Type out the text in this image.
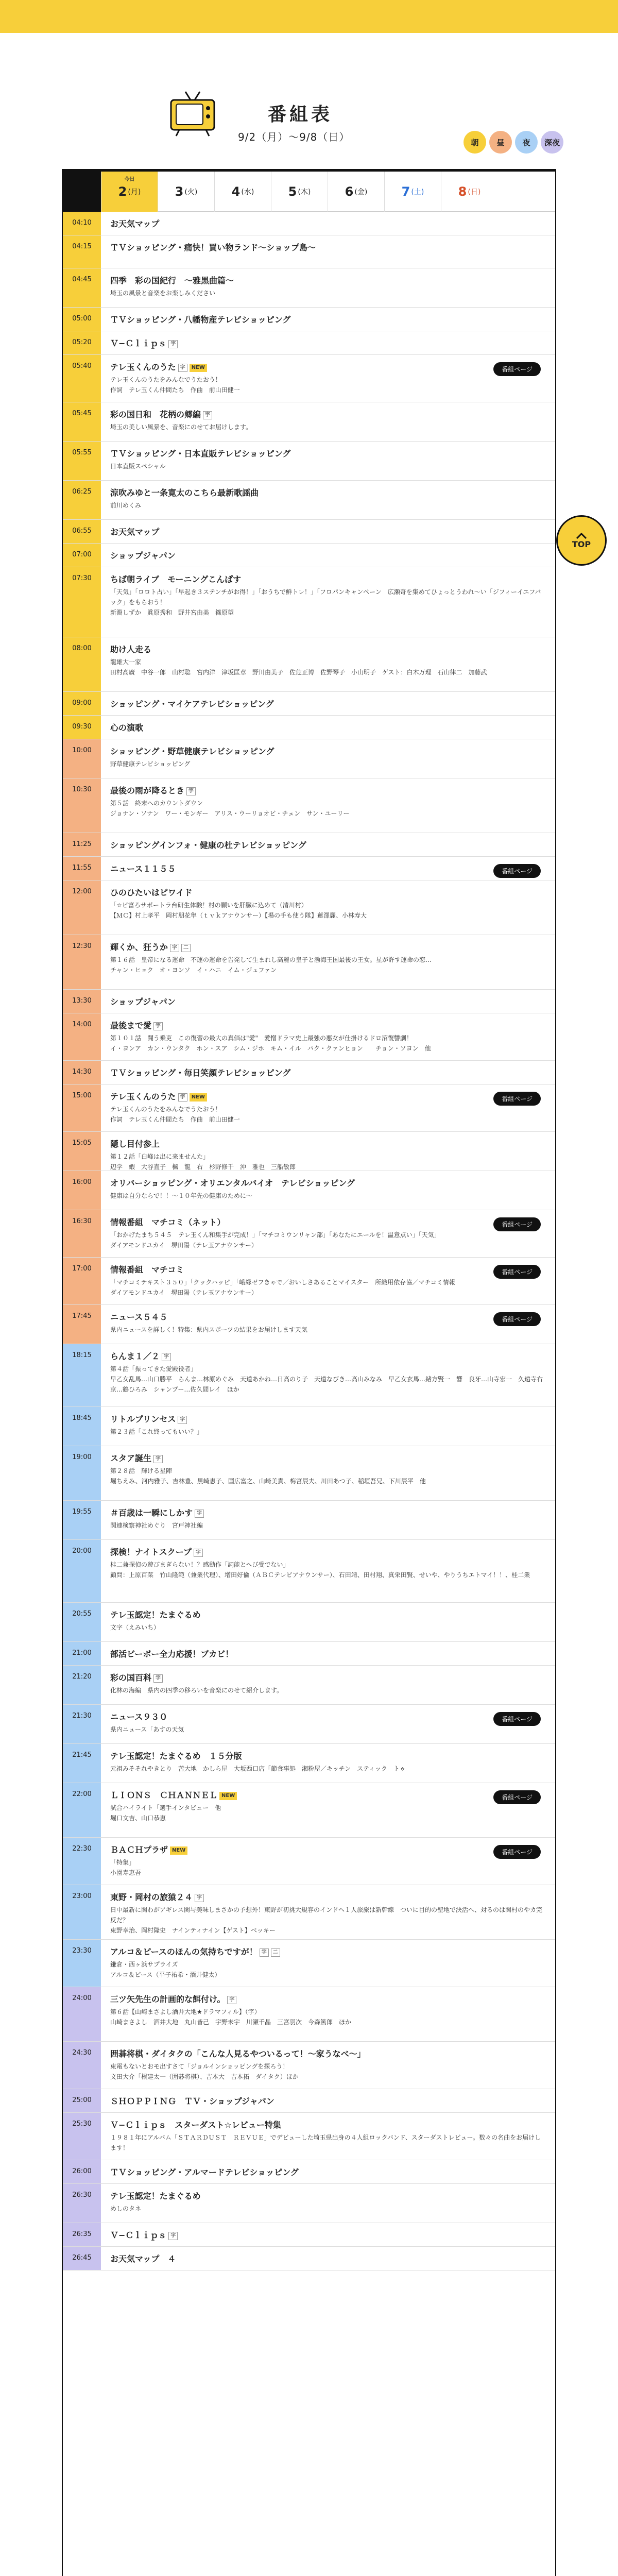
番組表
9/2（月）〜9/8（日）	朝	昼	夜	深夜
今日
2 (月)	3 (火)	4 (水)	5 (木)	6 (金)	7 (土)	8 (日)
04:10	お天気マップ
04:15	ＴＶショッピング・痛快！買い物ランド〜ショップ島〜
04:45	四季　彩の国紀行　〜雅黒曲篇〜
埼玉の風景と音楽をお楽しみください
05:00	ＴＶショッピング・八幡物産テレビショッピング
05:20	Ｖ−Ｃｌｉｐｓ 字
05:40	テレ玉くんのうた 字 NEW
テレ玉くんのうたをみんなでうたおう！
作詞　テレ玉くん仲間たち　作曲　前山田健一
番組ページ
05:45	彩の国日和　花柄の郷編 字
埼玉の美しい風景を、音楽にのせてお届けします。
05:55	ＴＶショッピング・日本直販テレビショッピング
日本直販スペシャル
06:25	涼吹みゆと一条寛太のこちら最新歌謡曲
前川めくみ
06:55	お天気マップ
07:00	ショップジャパン
07:30	ちば朝ライブ　モーニングこんぱす
「天気」「ロロト占い」「早起き３ステンチがお得！」「おうちで鮮トレ！」「フロパンキャンペーン　広瀬奇を集めてひょっとうわれ〜い「ジフィーイエフバック」をもらおう！
新淵しずか　眞原秀和　野井宮由美　篠原望
08:00	助け人走る
龍雄大一家
田村高廣　中谷一郎　山村聡　宮内洋　津坂匡章　野川由美子　佐危正博　佐野琴子　小山明子　ゲスト：白木万理　石山律二　加藤武
09:00	ショッピング・マイケアテレビショッピング
09:30	心の演歌
10:00	ショッピング・野草健康テレビショッピング
野草健康テレビショッピング
10:30	最後の雨が降るとき 字
第５話　終末へのカウントダウン
ジョナン・ソナン　ワー・モンギー　アリス・ウーリョオビ・チェン　サン・ユーリー
11:25	ショッピングインフォ・健康の杜テレビショッピング
11:55	ニュース１１５５	番組ページ
12:00	ひのひたいはピワイド
「☆ビ富ろサポートラ台研生体験！村の願いを肝臓に込めて（清川村）
【ＭＣ】村上孝平　岡村朋花隼（ｔｖｋアナウンサー）【場の手も使う隊】蓮澤麗、小林寿大
12:30	輝くか、狂うか 字 二
第１６話　皇帝になる運命　不運の運命を告発して生まれし高麗の皇子と渤海王国最後の王女。星が許す運命の恋…
チャン・ヒョク　オ・ヨンソ　イ・ハニ　イム・ジュファン
13:30	ショップジャパン
14:00	最後まで愛 字
第１０１話　闘う乗吏　この復習の最大の真価は"愛"　愛憎ドラマ史上最強の悪女が仕掛けるドロ沼復讐劇！
イ・ヨンア　カン・ウンタク　ホン・スア　シム・ジホ　キム・イル　パク・クァンヒョン　　チョン・ソヨン　他
14:30	ＴＶショッピング・毎日笑顔テレビショッピング
15:00	テレ玉くんのうた 字 NEW
テレ玉くんのうたをみんなでうたおう！
作詞　テレ玉くん仲間たち　作曲　前山田健一
番組ページ
15:05	隠し目付参上
第１２話「白峰は出に来ませんた」
辺学　蝦　大谷直子　楓　龍　右　杉野修千　沖　雅也　三船敏郎
16:00	オリバーショッピング・オリエンタルバイオ　テレビショッピング
健康は自分ならで！！〜１０年先の健康のために〜
16:30	情報番組　マチコミ（ネット）
「おかげたまち５４５　テレ玉くん和集手が完成！」「マチコミウンリャン部」「あなたにエールを！温意点い」「天気」
ダイアモンドユカイ　堺田陽（テレ玉アナウンサー）
番組ページ
17:00	情報番組　マチコミ
「マチコミテキスト３５０」「クックハッピ」「峨縁ゼフきゃで／おいしさあることマイスター　所織用依存協／マチコミ情報
ダイアモンドユカイ　堺田陽（テレ玉アナウンサー）
番組ページ
17:45	ニュース５４５
県内ニュースを詳しく！特集：県内スポーツの結果をお届けします天気
番組ページ
18:15	らんま１／２ 字
第４話「振ってきた愛殿役者」
早乙女乱馬…山口勝平　らんま…林原めぐみ　天道あかね…日高のり子　天道なびき…高山みなみ　早乙女玄馬…緒方賢一　響　良牙…山寺宏一　久遠寺右京…鶴ひろみ　シャンプー…佐久間レイ　ほか
18:45	リトルプリンセス 字
第２３話「これ終ってもいい？」
19:00	スタア誕生 字
第２８話　輝ける星陣
堀ちえみ、河内雅子、吉林豊、黒崎恵子、国広富之、山崎美貴、梅宮辰夫、川田あつ子、稲垣吾兄、下川辰平　他
19:55	＃百歳は一瞬にしかす 字
関連検察神社めぐり　宮戸神社編
20:00	探検！ナイトスクープ 字
桂二兼探偵の遊びまぎらない！？感動作「詞能とへび受でない」
顧問：上原百菜　竹山隆範（兼業代理）、増田好倫（ＡＢＣテレビアナウンサー）、石田靖、田村翔、真栄田賢、せいや、やりうちエトマイ！！、桂二業
20:55	テレ玉認定！たまぐるめ
文字（えみいち）
21:00	部活ビーボー全力応援！ブカビ！
21:20	彩の国百科 字
化林の海編　県内の四季の移ろいを音楽にのせて紹介します。
21:30	ニュース９３０
県内ニュース「あすの天気
番組ページ
21:45	テレ玉認定！たまぐるめ　１５分版
元祖みそそれやきとり　苦大地　かしら屋　大坂西口店「節食事処　湘粉屋／キッチン　スティック　トゥ
22:00	ＬＩＯＮＳ　ＣＨＡＮＮＥＬ NEW
試合ハイライト「選手インタビュー　他
堀口文吉、山口恭恵
番組ページ
22:30	ＢＡＣＨプラザ NEW
「特集」
小園寿恵吾
番組ページ
23:00	東野・岡村の旅猿２４ 字
日中最新に関わがアギレス関与美味しまさかの予想外！東野が初挑大規容のインドヘ１人旅旅は新幹線　ついに目的の聖地で決活へ、対るのは関村のやカ完反だ？
東野幸治、岡村隆史　ナインティナイン【ゲスト】ベッキー
23:30	アルコ＆ピースのほんの気持ちですが！ 字 二
鎌倉・西ヶ浜サプライズ
アルコ＆ピース（平子祐希・酒井健太）
24:00	三ツ矢先生の計画的な餌付け。 字
第６話【山崎まさよし酒井大地★ドラマフィル】（字）
山崎まさよし　酒井大地　丸山皆己　宇野未宇　川瀬千晶　三宮羽次　今森篤郎　ほか
24:30	囲碁将棋・ダイタクの「こんな人見るやついるって！〜家うなべ〜」
東電もないとおモ出すさて「ジョルインショッピングを探ろう！
文田大介「根建太一（囲碁将棋）、吉本大　吉本拓　ダイタク）ほか
25:00	ＳＨＯＰＰＩＮＧ　ＴＶ・ショップジャパン
25:30	Ｖ−Ｃｌｉｐｓ　スターダスト☆レビュー特集
１９８１年にアルバム「ＳＴＡＲＤＵＳＴ　ＲＥＶＵＥ」でデビューした埼玉県出身の４人組ロックバンド、スターダストレビュー。数々の名曲をお届けします！
26:00	ＴＶショッピング・アルマードテレビショッピング
26:30	テレ玉認定！たまぐるめ
めしのタネ
26:35	Ｖ−Ｃｌｉｐｓ 字
26:45	お天気マップ　４
TOP
